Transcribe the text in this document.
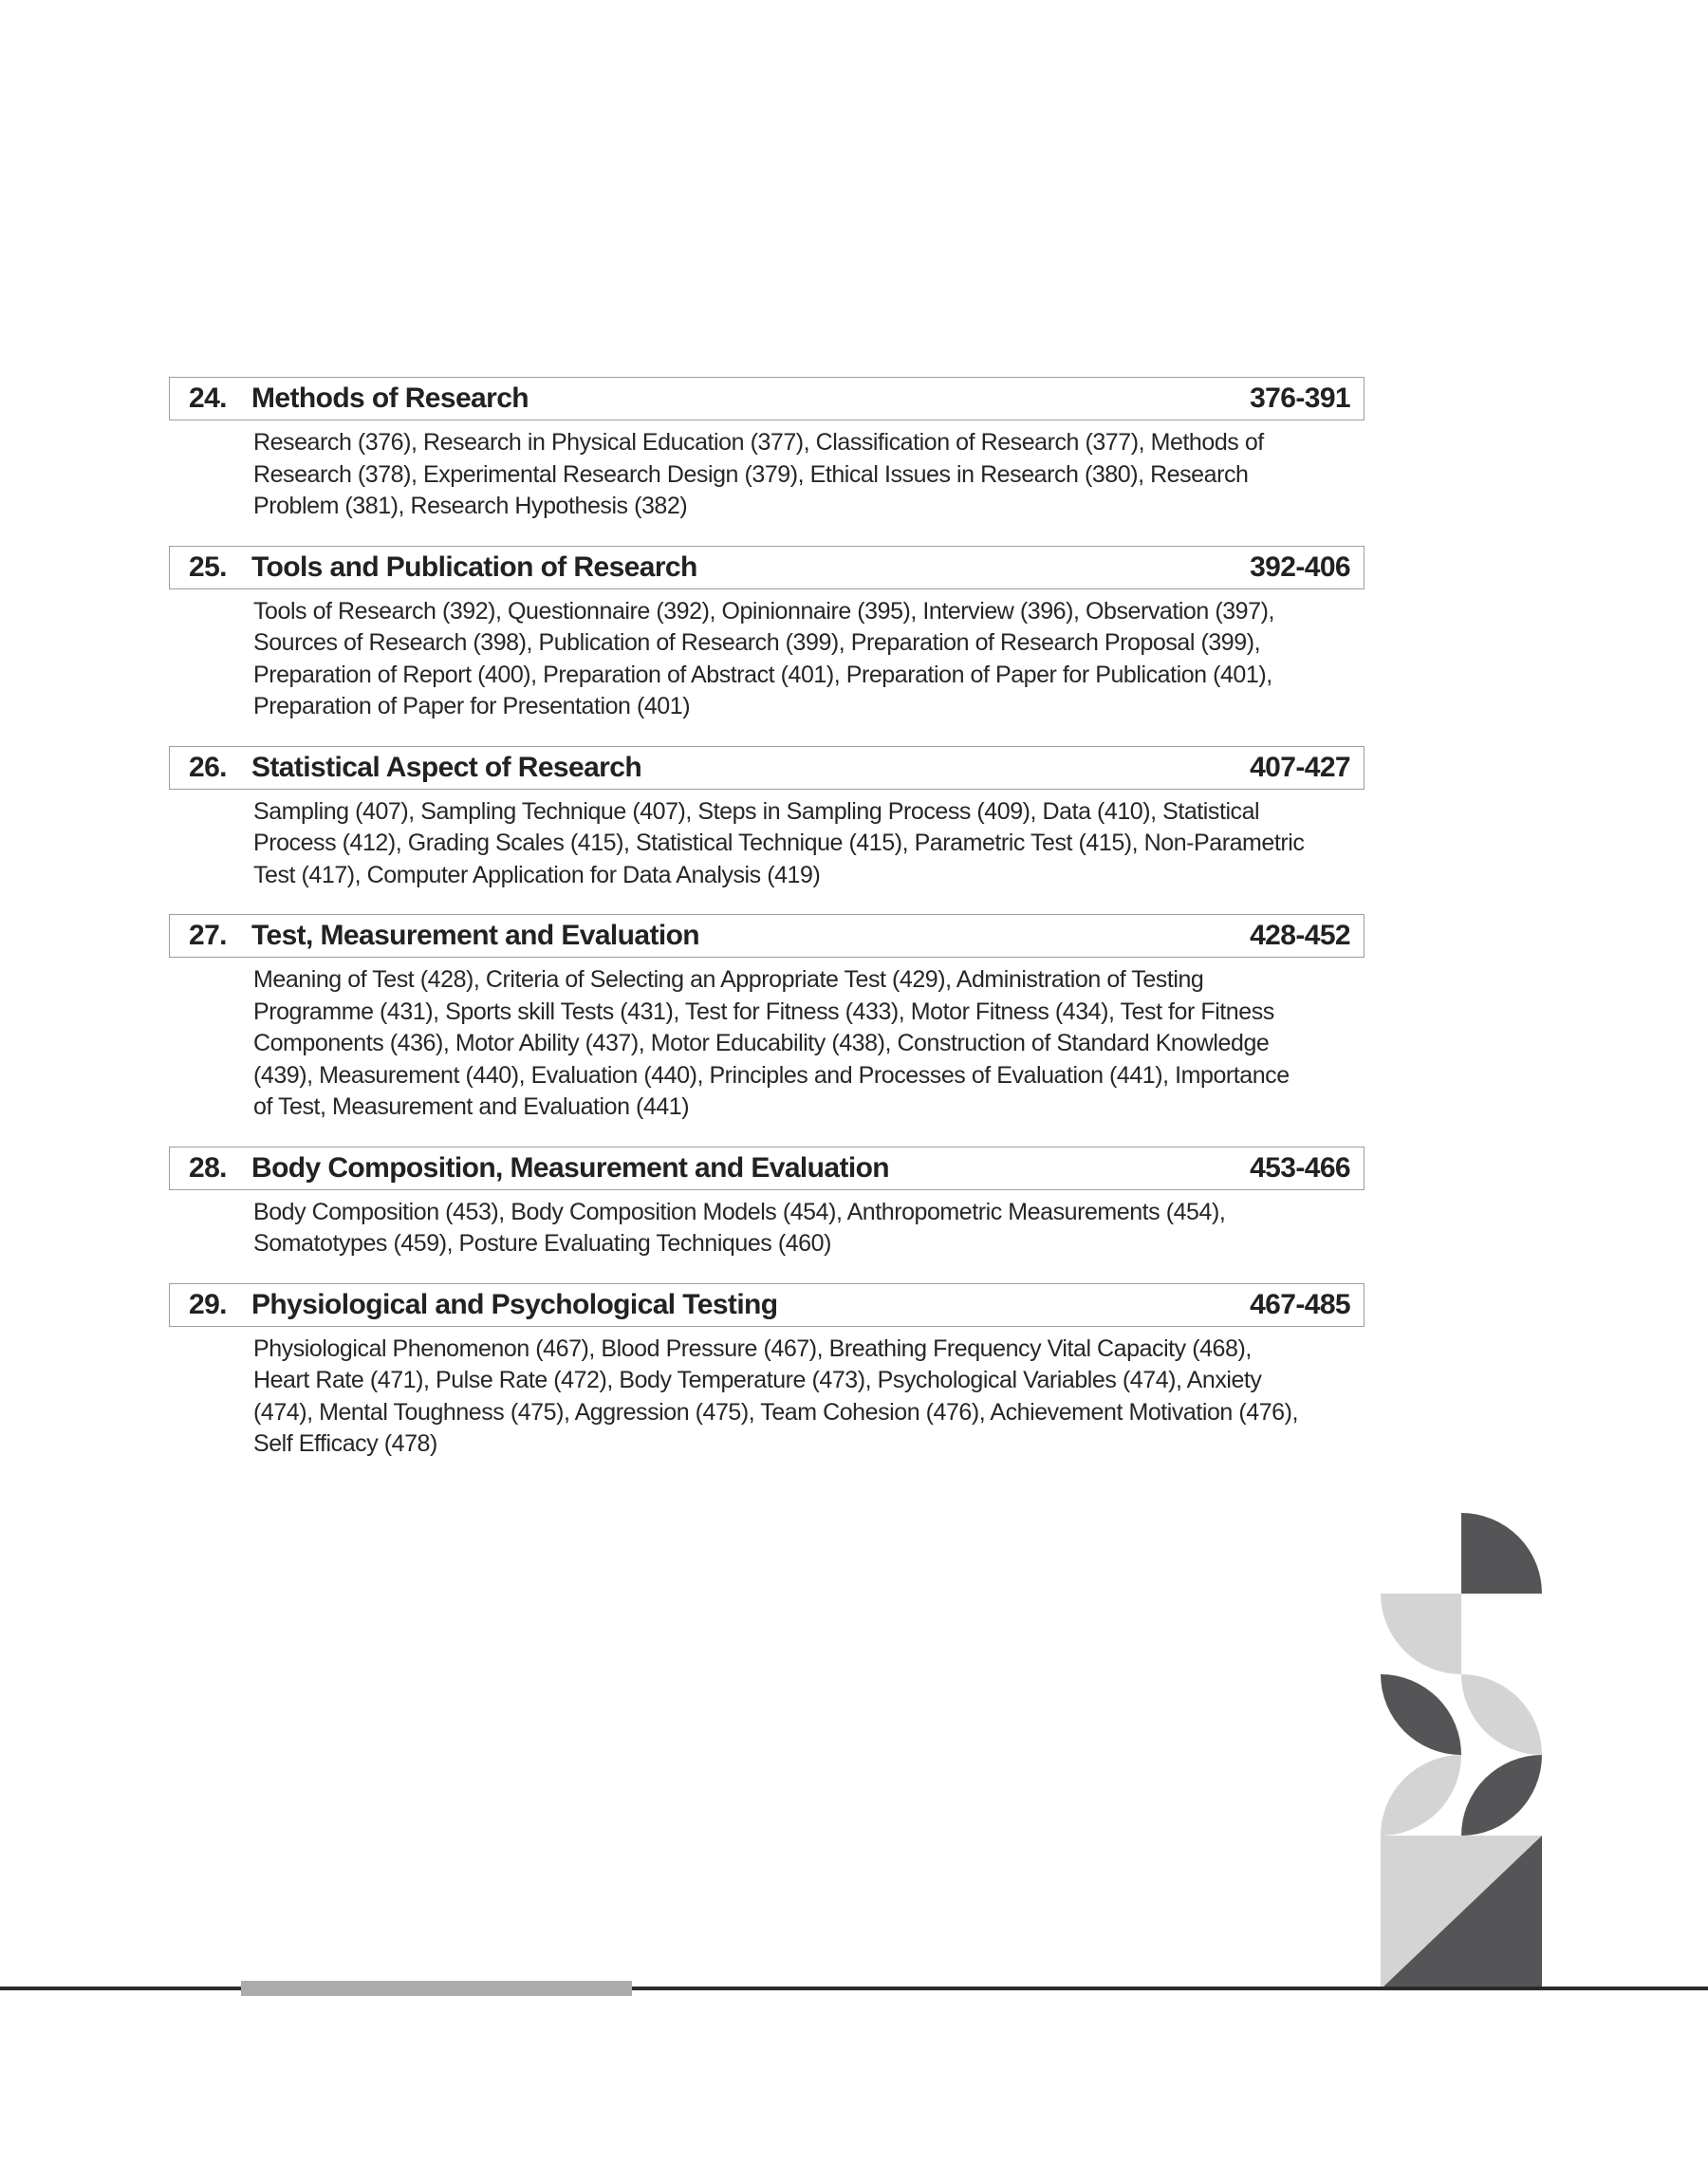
24. Methods of Research	376-391
Research (376), Research in Physical Education (377), Classification of Research (377), Methods of
Research (378), Experimental Research Design (379), Ethical Issues in Research (380), Research
Problem (381), Research Hypothesis (382)
25. Tools and Publication of Research	392-406
Tools of Research (392), Questionnaire (392), Opinionnaire (395), Interview (396), Observation (397),
Sources of Research (398), Publication of Research (399), Preparation of Research Proposal (399),
Preparation of Report (400), Preparation of Abstract (401), Preparation of Paper for Publication (401),
Preparation of Paper for Presentation (401)
26. Statistical Aspect of Research	407-427
Sampling (407), Sampling Technique (407), Steps in Sampling Process (409), Data (410), Statistical
Process (412), Grading Scales (415), Statistical Technique (415), Parametric Test (415), Non-Parametric
Test (417), Computer Application for Data Analysis (419)
27. Test, Measurement and Evaluation	428-452
Meaning of Test (428), Criteria of Selecting an Appropriate Test (429), Administration of Testing
Programme (431), Sports skill Tests (431), Test for Fitness (433), Motor Fitness (434), Test for Fitness
Components (436), Motor Ability (437), Motor Educability (438), Construction of Standard Knowledge
(439), Measurement (440), Evaluation (440), Principles and Processes of Evaluation (441), Importance
of Test, Measurement and Evaluation (441)
28. Body Composition, Measurement and Evaluation	453-466
Body Composition (453), Body Composition Models (454), Anthropometric Measurements (454),
Somatotypes (459), Posture Evaluating Techniques (460)
29. Physiological and Psychological Testing	467-485
Physiological Phenomenon (467), Blood Pressure (467), Breathing Frequency Vital Capacity (468),
Heart Rate (471), Pulse Rate (472), Body Temperature (473), Psychological Variables (474), Anxiety
(474), Mental Toughness (475), Aggression (475), Team Cohesion (476), Achievement Motivation (476),
Self Efficacy (478)
